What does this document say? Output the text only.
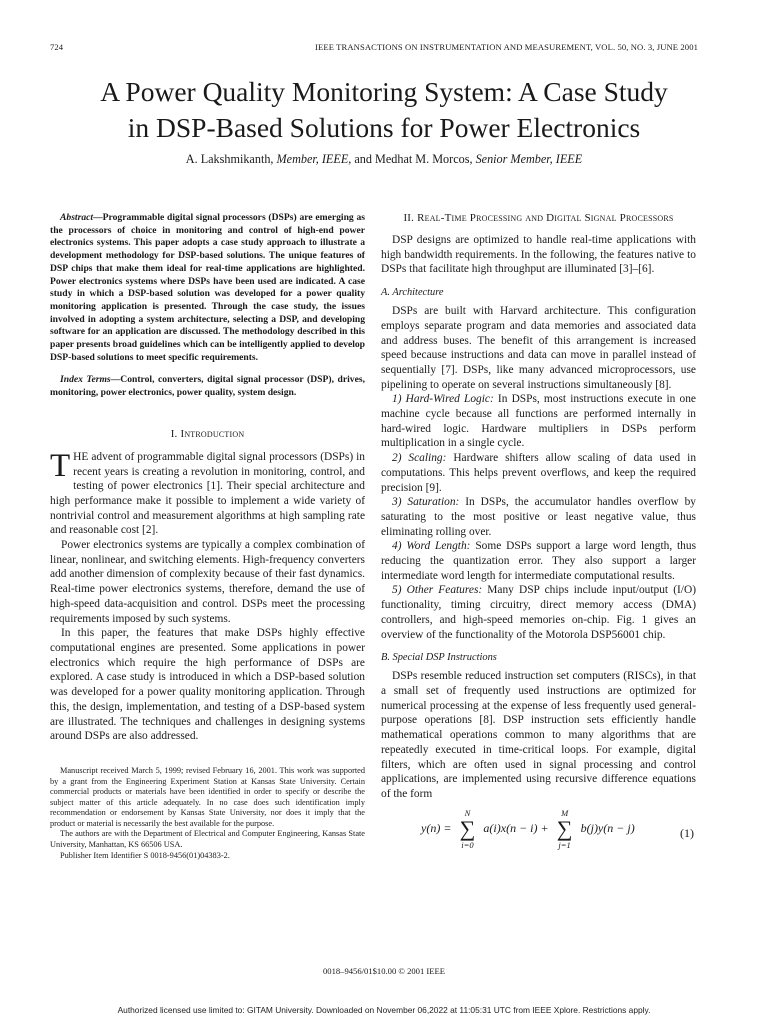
724	IEEE TRANSACTIONS ON INSTRUMENTATION AND MEASUREMENT, VOL. 50, NO. 3, JUNE 2001
A Power Quality Monitoring System: A Case Study
in DSP-Based Solutions for Power Electronics
A. Lakshmikanth, Member, IEEE, and Medhat M. Morcos, Senior Member, IEEE

Abstract—Programmable digital signal processors (DSPs) are emerging as the processors of choice in monitoring and control of high-end power electronics systems. This paper adopts a case study approach to illustrate a development methodology for DSP-based solutions. The unique features of DSP chips that make them ideal for real-time applications are highlighted. Power electronics systems where DSPs have been used are indicated. A case study in which a DSP-based solution was developed for a power quality monitoring application is presented. Through the case study, the issues involved in adopting a system architecture, selecting a DSP, and developing software for an application are discussed. The methodology described in this paper presents broad guidelines which can be intelligently applied to develop DSP-based solutions to meet specific requirements.

Index Terms—Control, converters, digital signal processor (DSP), drives, monitoring, power electronics, power quality, system design.

I. Introduction

THE advent of programmable digital signal processors (DSPs) in recent years is creating a revolution in monitoring, control, and testing of power electronics [1]. Their special architecture and high performance make it possible to implement a wide variety of nontrivial control and measurement algorithms at high sampling rate and reasonable cost [2].

Power electronics systems are typically a complex combination of linear, nonlinear, and switching elements. High-frequency converters add another dimension of complexity because of their fast dynamics. Real-time power electronics systems, therefore, demand the use of high-speed data-acquisition and control. DSPs meet the processing requirements imposed by such systems.

In this paper, the features that make DSPs highly effective computational engines are presented. Some applications in power electronics which require the high performance of DSPs are explored. A case study is introduced in which a DSP-based solution was developed for a power quality monitoring application. Through this, the design, implementation, and testing of a DSP-based system are illustrated. The techniques and challenges in designing systems around DSPs are also addressed.

Manuscript received March 5, 1999; revised February 16, 2001. This work was supported by a grant from the Engineering Experiment Station at Kansas State University. Certain commercial products or materials have been identified in order to specify or describe the subject matter of this article adequately. In no case does such identification imply recommendation or endorsement by Kansas State University, nor does it imply that the product or material is necessarily the best available for the purpose.

The authors are with the Department of Electrical and Computer Engineering, Kansas State University, Manhattan, KS 66506 USA.

Publisher Item Identifier S 0018-9456(01)04383-2.

II. Real-Time Processing and Digital Signal Processors

DSP designs are optimized to handle real-time applications with high bandwidth requirements. In the following, the features native to DSPs that facilitate high throughput are illuminated [3]–[6].

A. Architecture

DSPs are built with Harvard architecture. This configuration employs separate program and data memories and associated data and address buses. The benefit of this arrangement is increased speed because instructions and data can move in parallel instead of sequentially [7]. DSPs, like many advanced microprocessors, use pipelining to operate on several instructions simultaneously [8].

1) Hard-Wired Logic: In DSPs, most instructions execute in one machine cycle because all functions are performed internally in hard-wired logic. Hardware multipliers in DSPs perform multiplication in a single cycle.

2) Scaling: Hardware shifters allow scaling of data used in computations. This helps prevent overflows, and keep the required precision [9].

3) Saturation: In DSPs, the accumulator handles overflow by saturating to the most positive or least negative value, thus eliminating rolling over.

4) Word Length: Some DSPs support a large word length, thus reducing the quantization error. They also support a larger intermediate word length for intermediate computational results.

5) Other Features: Many DSP chips include input/output (I/O) functionality, timing circuitry, direct memory access (DMA) controllers, and high-speed memories on-chip. Fig. 1 gives an overview of the functionality of the Motorola DSP56001 chip.

B. Special DSP Instructions

DSPs resemble reduced instruction set computers (RISCs), in that a small set of frequently used instructions are optimized for numerical processing at the expense of less frequently used general-purpose operations [8]. DSP instruction sets efficiently handle mathematical operations common to many algorithms that are repeatedly executed in time-critical loops. For example, digital filters, which are often used in signal processing and control applications, are implemented using recursive difference equations of the form

y(n) =
N
∑
i=0
a(i)x(n − i) +
M
∑
j=1
b(j)y(n − j)	(1)
0018–9456/01$10.00 © 2001 IEEE
Authorized licensed use limited to: GITAM University. Downloaded on November 06,2022 at 11:05:31 UTC from IEEE Xplore. Restrictions apply.
